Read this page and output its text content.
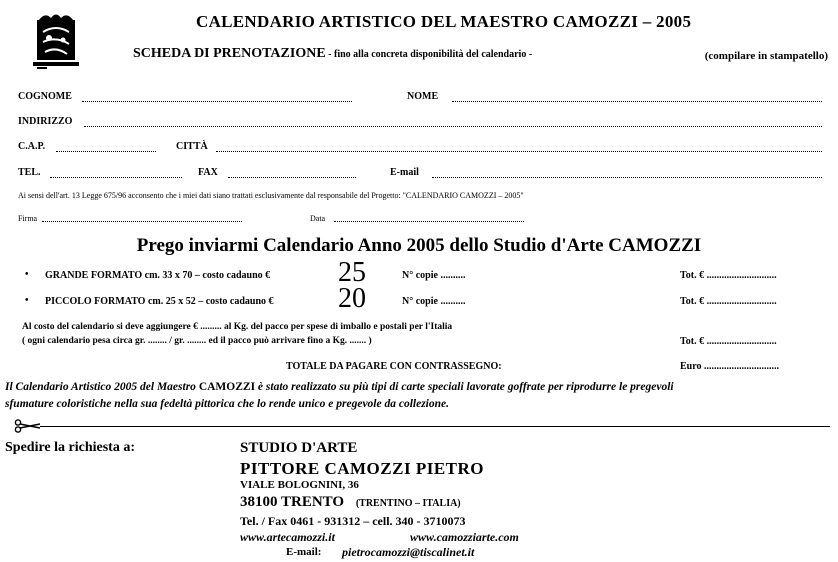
CALENDARIO ARTISTICO DEL MAESTRO CAMOZZI – 2005
SCHEDA DI PRENOTAZIONE - fino alla concreta disponibilità del calendario -	(compilare in stampatello)
COGNOME	NOME
INDIRIZZO
C.A.P.	CITTÀ
TEL.	FAX	E-mail
Ai sensi dell'art. 13 Legge 675/96 acconsento che i miei dati siano trattati esclusivamente dal responsabile del Progetto: "CALENDARIO CAMOZZI – 2005"
Firma	Data
Prego inviarmi Calendario Anno 2005 dello Studio d'Arte CAMOZZI
• GRANDE FORMATO cm. 33 x 70 – costo cadauno € 25	N° copie ..........	Tot. € ............................
• PICCOLO FORMATO cm. 25 x 52 – costo cadauno € 20	N° copie ..........	Tot. € ............................
Al costo del calendario si deve aggiungere € ......... al Kg. del pacco per spese di imballo e postali per l'Italia
( ogni calendario pesa circa gr. ........ / gr. ........ ed il pacco può arrivare fino a Kg. ....... )	Tot. € ............................
TOTALE DA PAGARE CON CONTRASSEGNO:	Euro ..............................
Il Calendario Artistico 2005 del Maestro CAMOZZI è stato realizzato su più tipi di carte speciali lavorate goffrate per riprodurre le pregevoli
sfumature coloristiche nella sua fedeltà pittorica che lo rende unico e pregevole da collezione.
Spedire la richiesta a:	STUDIO D'ARTE
PITTORE CAMOZZI PIETRO
VIALE BOLOGNINI, 36
38100 TRENTO (TRENTINO – ITALIA)
Tel. / Fax 0461 - 931312 – cell. 340 - 3710073
www.artecamozzi.it	www.camozziarte.com
E-mail: pietrocamozzi@tiscalinet.it
